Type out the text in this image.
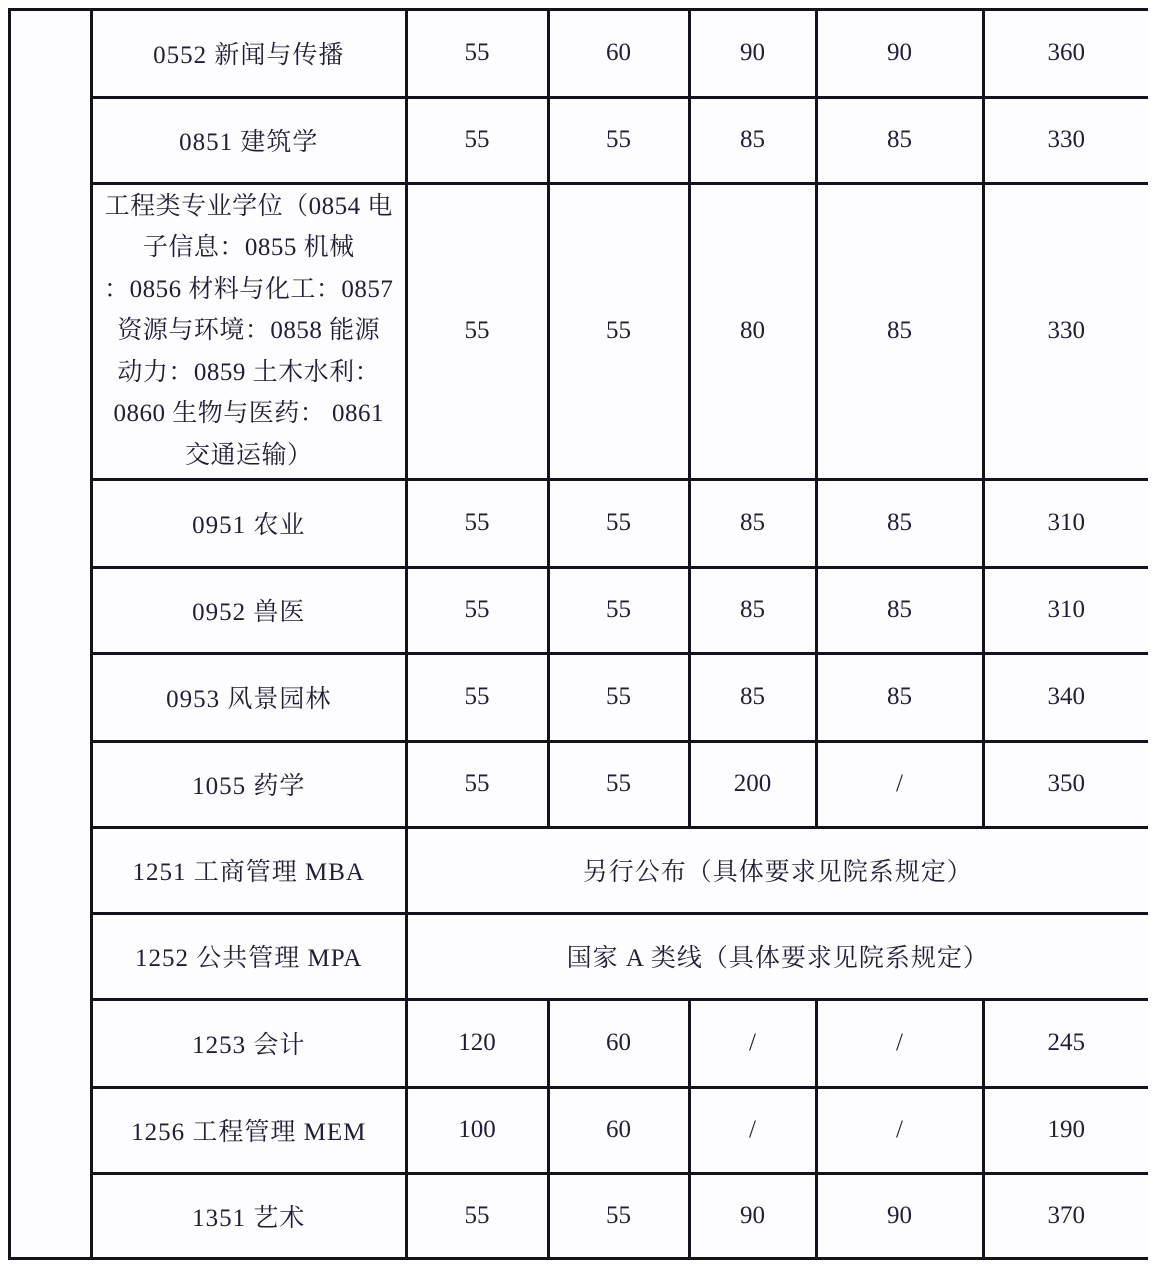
0552 新闻与传播	55	60	90	90	360
0851 建筑学	55	55	85	85	330

工程类专业学位（0854 电
子信息：0855 机械
：0856 材料与化工：0857
资源与环境：0858 能源
动力：0859 土木水利：
0860 生物与医药： 0861
交通运输）
	55	55	80	85	330
0951 农业	55	55	85	85	310
0952 兽医	55	55	85	85	310
0953 风景园林	55	55	85	85	340
1055 药学	55	55	200	/	350
1251 工商管理 MBA	另行公布（具体要求见院系规定）				
1252 公共管理 MPA	国家 A 类线（具体要求见院系规定）				
1253 会计	120	60	/	/	245
1256 工程管理 MEM	100	60	/	/	190
1351 艺术	55	55	90	90	370
